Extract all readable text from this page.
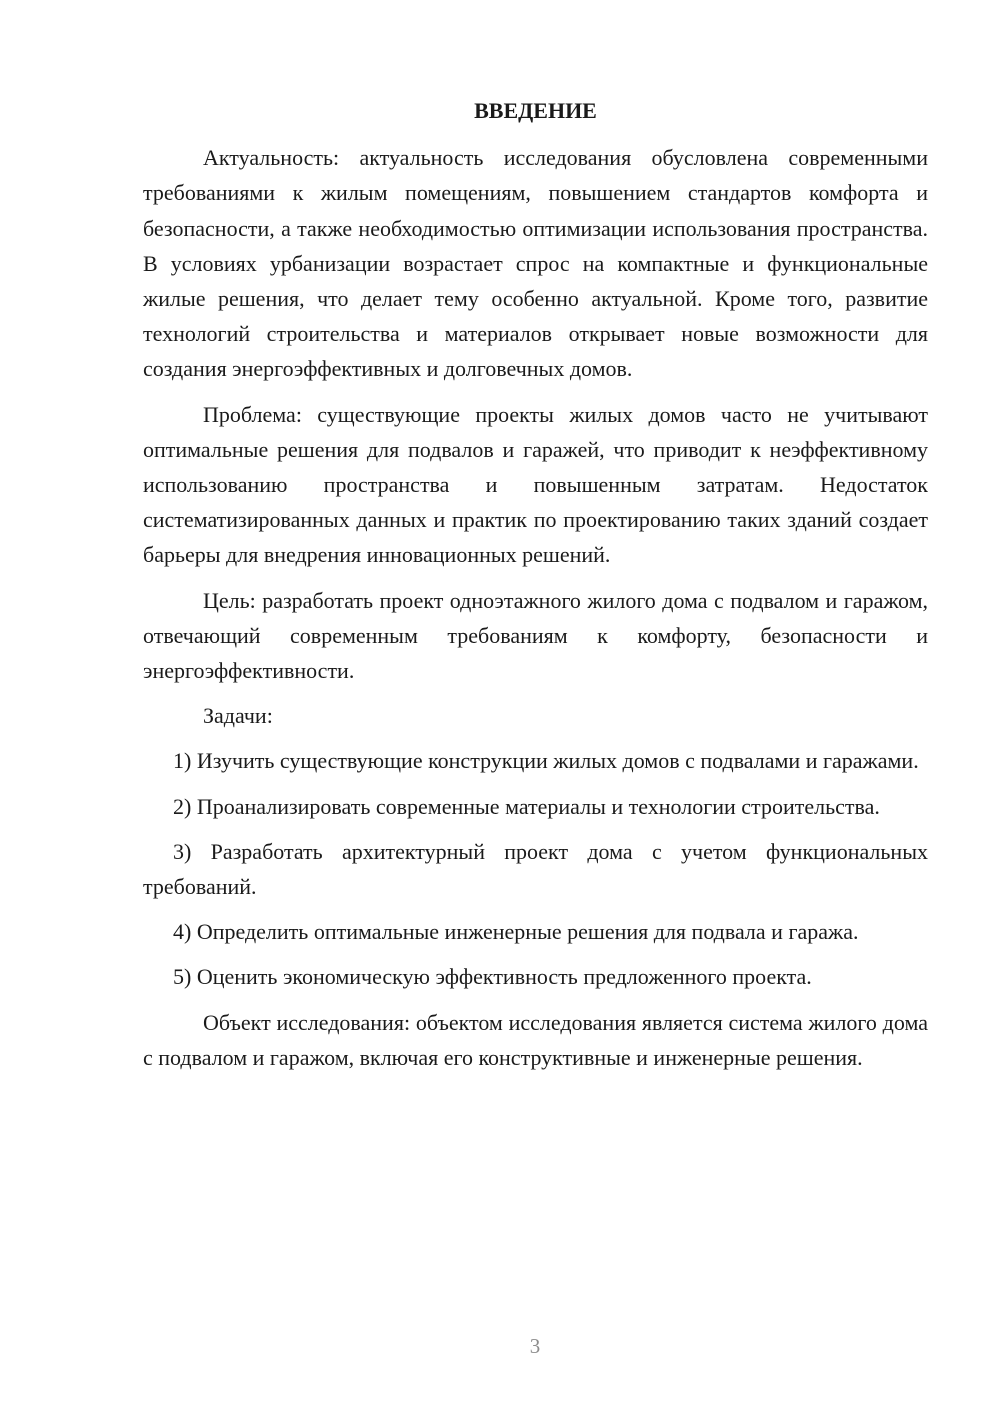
ВВЕДЕНИЕ

Актуальность: актуальность исследования обусловлена современными требованиями к жилым помещениям, повышением стандартов комфорта и безопасности, а также необходимостью оптимизации использования пространства. В условиях урбанизации возрастает спрос на компактные и функциональные жилые решения, что делает тему особенно актуальной. Кроме того, развитие технологий строительства и материалов открывает новые возможности для создания энергоэффективных и долговечных домов.

Проблема: существующие проекты жилых домов часто не учитывают оптимальные решения для подвалов и гаражей, что приводит к неэффективному использованию пространства и повышенным затратам. Недостаток систематизированных данных и практик по проектированию таких зданий создает барьеры для внедрения инновационных решений.

Цель: разработать проект одноэтажного жилого дома с подвалом и гаражом, отвечающий современным требованиям к комфорту, безопасности и энергоэффективности.

Задачи:

1) Изучить существующие конструкции жилых домов с подвалами и гаражами.

2) Проанализировать современные материалы и технологии строительства.

3) Разработать архитектурный проект дома с учетом функциональных требований.

4) Определить оптимальные инженерные решения для подвала и гаража.

5) Оценить экономическую эффективность предложенного проекта.

Объект исследования: объектом исследования является система жилого дома с подвалом и гаражом, включая его конструктивные и инженерные решения.

3
